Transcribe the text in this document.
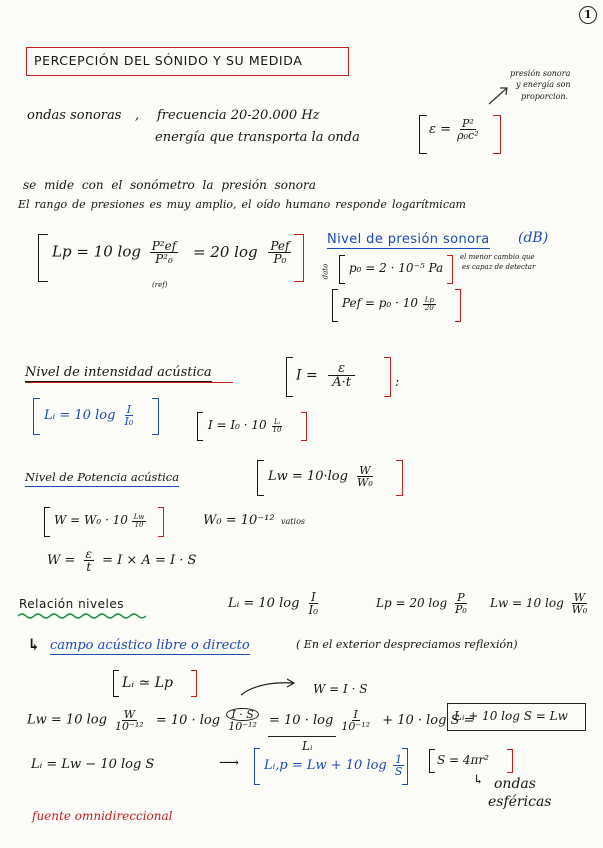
1
PERCEPCIÓN DEL SÓNIDO Y SU MEDIDA
ondas sonoras , frecuencia 20-20.000 Hz
energía que transporta la onda
$\varepsilon = \frac{\text{P²}}{\text{ρ₀c²}}$
presión sonora
y energía son
proporcion.
se mide con el sonómetro la presión sonora
El rango de presiones es muy amplio, el oído humano responde logarítmicam
Lp = 10 $\log \frac{\text{P²ef}}{\text{P²₀}} = 20$ $\log \frac{\text{Pef}}{\text{P₀}}$
(ref)
Nivel de presión sonora (dB)
dato p₀ = 2 · 10⁻⁵ Pa
el menor cambio que
es capaz de detectar
Pef = $p_0 \cdot 10 \frac{Lp}{20}$
Nivel de intensidad acústica	$I = \frac{\varepsilon}{A\cdot t}$	:
Lᵢ = 10 $\log \frac{I}{\text{I₀}}$	$I = I_0 \cdot 10 \frac{\text{Lᵢ}}{10}$
Nivel de Potencia acústica	$Lw = 10\cdot\log \frac{W}{\text{W₀}}$
$W = W_0 \cdot 10 \frac{Lw}{10}$	W₀ = 10⁻¹² vatios
$W = \frac{\varepsilon}{t} = I \times A = I \cdot S$
Relación niveles	Lᵢ = 10 $\log \frac{I}{\text{I₀}}$	Lp = 20 $\log \frac{P}{\text{P₀}}$ Lw = 10 $\log \frac{W}{\text{W₀}}$
↳ campo acústico libre o directo	( En el exterior despreciamos reflexión)
Lᵢ ≃ Lp	W = I · S
Lw = 10 $\log \frac{W}{\text{10⁻¹²}} = 10 \cdot \log \frac{I \cdot S}{\text{10⁻¹²}} = 10 \cdot \log \frac{I}{\text{10⁻¹²}} + 10 \cdot \log S$ =
Lᵢ
Lᵢ + 10 log S = Lw
Lᵢ = Lw − 10 log S	⟶ Lᵢ,p = Lw + 10 $\log \frac{1}{S}$	S = 4πr²
↳ ondas
esféricas
fuente omnidireccional
